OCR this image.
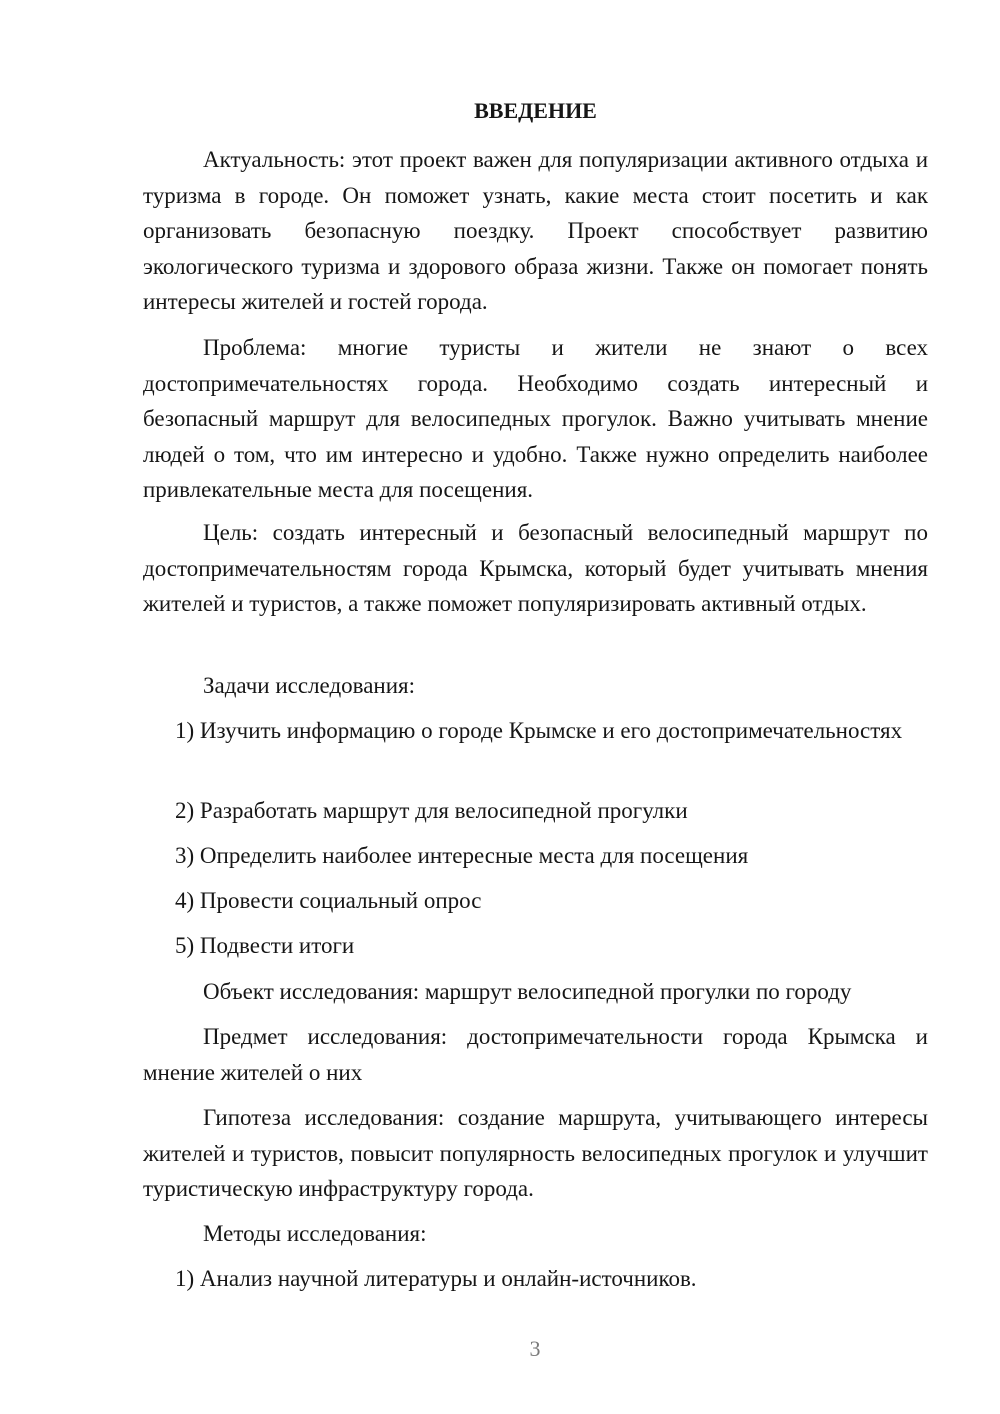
ВВЕДЕНИЕ

Актуальность: этот проект важен для популяризации активного отдыха и туризма в городе. Он поможет узнать, какие места стоит посетить и как организовать безопасную поездку. Проект способствует развитию экологического туризма и здорового образа жизни. Также он помогает понять интересы жителей и гостей города.

Проблема: многие туристы и жители не знают о всех достопримечательностях города. Необходимо создать интересный и безопасный маршрут для велосипедных прогулок. Важно учитывать мнение людей о том, что им интересно и удобно. Также нужно определить наиболее привлекательные места для посещения.

Цель: создать интересный и безопасный велосипедный маршрут по достопримечательностям города Крымска, который будет учитывать мнения жителей и туристов, а также поможет популяризировать активный отдых.

Задачи исследования:

1) Изучить информацию о городе Крымске и его достопримечательностях

2) Разработать маршрут для велосипедной прогулки

3) Определить наиболее интересные места для посещения

4) Провести социальный опрос

5) Подвести итоги

Объект исследования: маршрут велосипедной прогулки по городу

Предмет исследования: достопримечательности города Крымска и мнение жителей о них

Гипотеза исследования: создание маршрута, учитывающего интересы жителей и туристов, повысит популярность велосипедных прогулок и улучшит туристическую инфраструктуру города.

Методы исследования:

1) Анализ научной литературы и онлайн-источников.

3
